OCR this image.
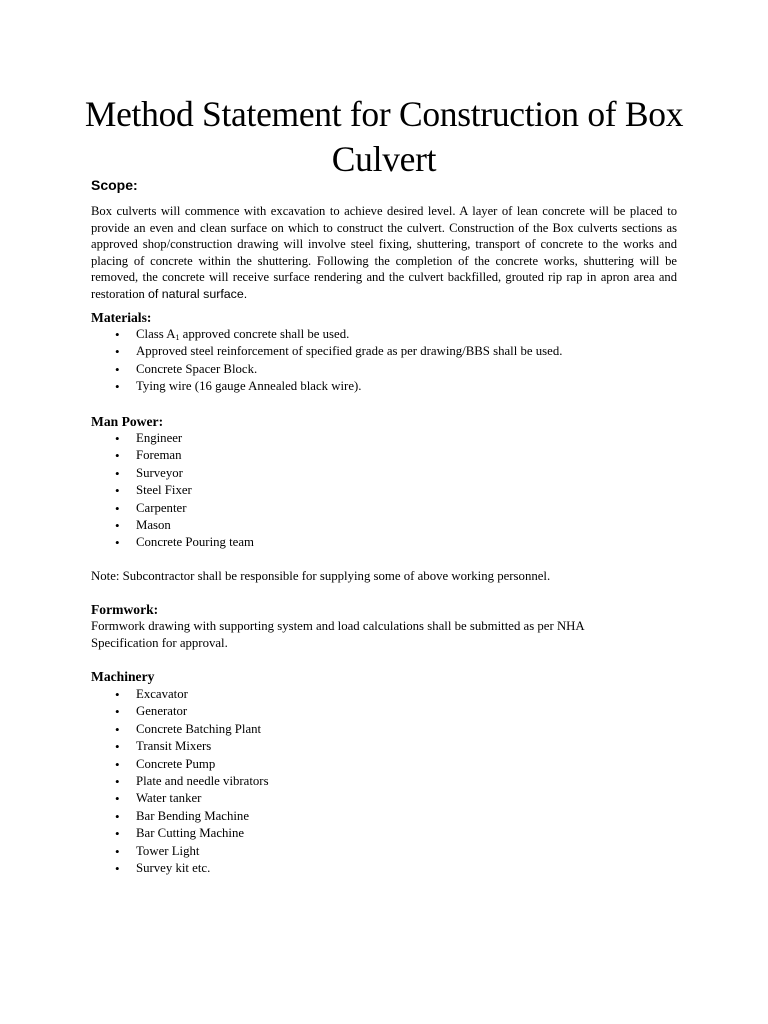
Method Statement for Construction of Box Culvert
Scope:

Box culverts will commence with excavation to achieve desired level. A layer of lean concrete will be placed to provide an even and clean surface on which to construct the culvert. Construction of the Box culverts sections as approved shop/construction drawing will involve steel fixing, shuttering, transport of concrete to the works and placing of concrete within the shuttering. Following the completion of the concrete works, shuttering will be removed, the concrete will receive surface rendering and the culvert backfilled, grouted rip rap in apron area and restoration of natural surface.

Materials:
• Class $A_1$ approved concrete shall be used.
• Approved steel reinforcement of specified grade as per drawing/BBS shall be used.
• Concrete Spacer Block.
• Tying wire (16 gauge Annealed black wire).
Man Power:
• Engineer
• Foreman
• Surveyor
• Steel Fixer
• Carpenter
• Mason
• Concrete Pouring team

Note: Subcontractor shall be responsible for supplying some of above working personnel.

Formwork:

Formwork drawing with supporting system and load calculations shall be submitted as per NHA

Specification for approval.

Machinery
• Excavator
• Generator
• Concrete Batching Plant
• Transit Mixers
• Concrete Pump
• Plate and needle vibrators
• Water tanker
• Bar Bending Machine
• Bar Cutting Machine
• Tower Light
• Survey kit etc.
